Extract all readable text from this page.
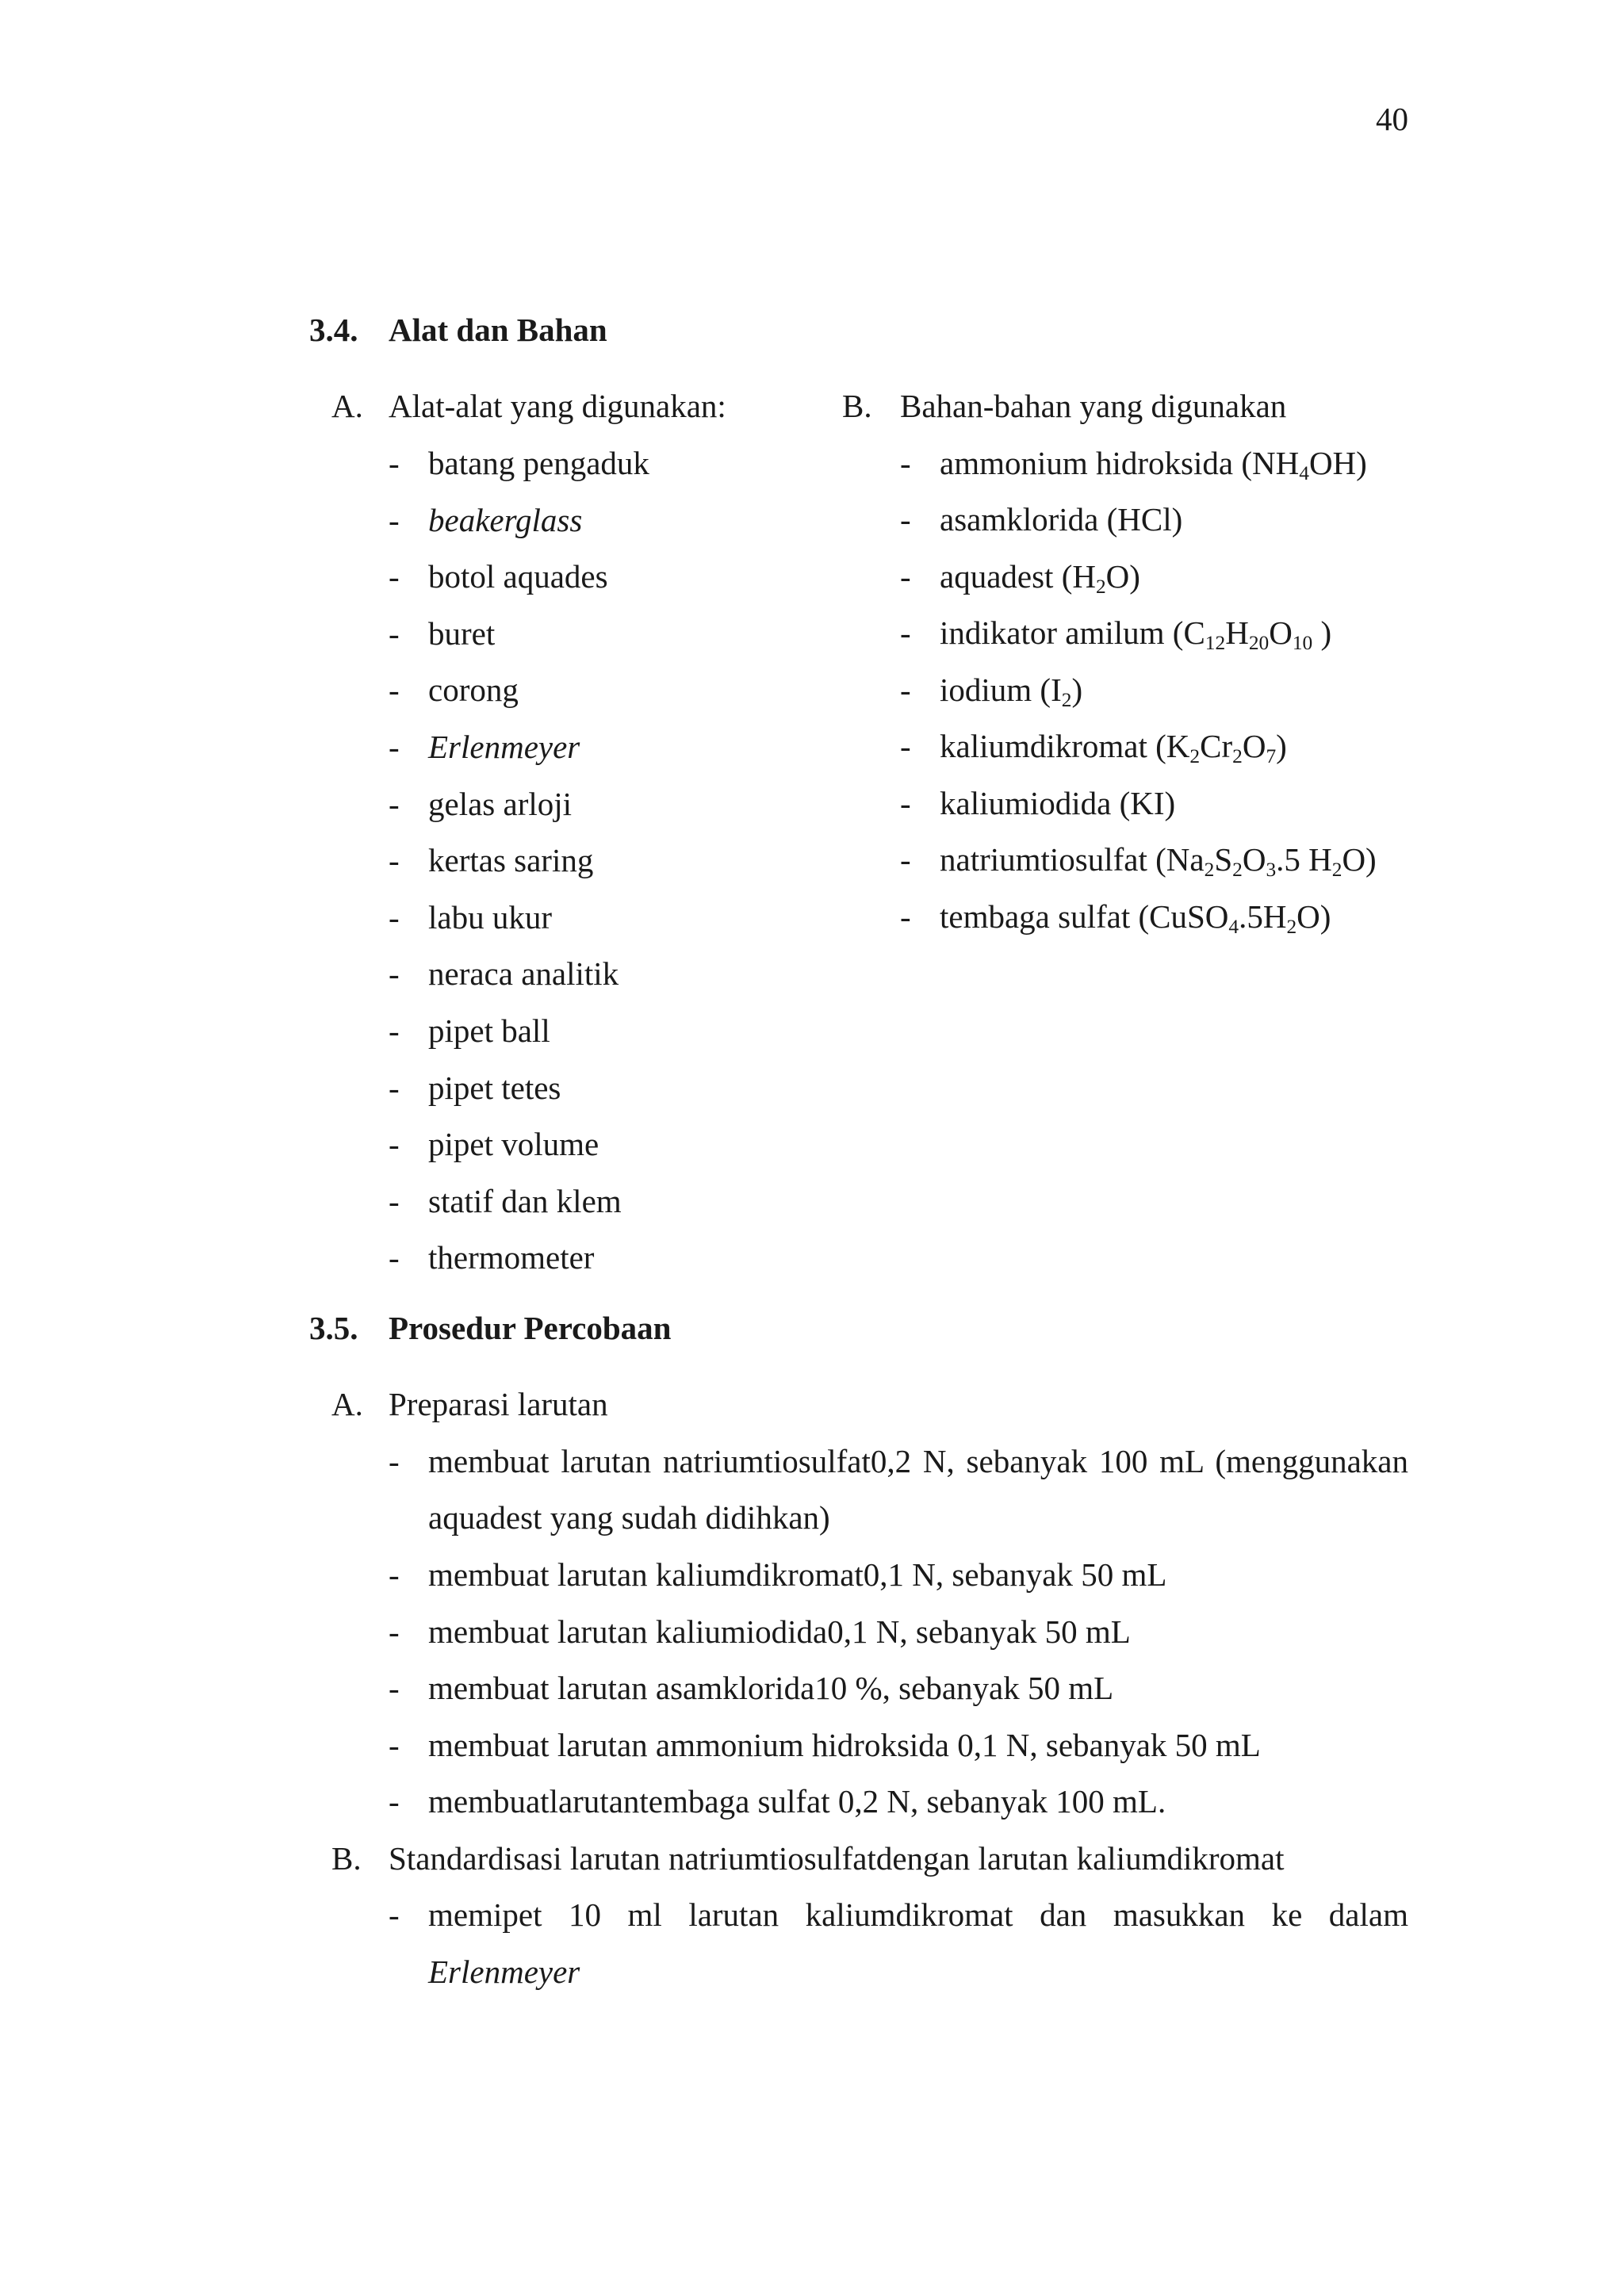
40
3.4. Alat dan Bahan
A. Alat-alat yang digunakan:
- batang pengaduk
- beakerglass
- botol aquades
- buret
- corong
- Erlenmeyer
- gelas arloji
- kertas saring
- labu ukur
- neraca analitik
- pipet ball
- pipet tetes
- pipet volume
- statif dan klem
- thermometer
B. Bahan-bahan yang digunakan
- ammonium hidroksida $(NH_4OH)$
- asamklorida (HCl)
- aquadest $(H_2O)$
- indikator amilum ($C_{12}H_{20}O_{10}$ )
- iodium $(I_2)$
- kaliumdikromat $(K_2Cr_2O_7)$
- kaliumiodida (KI)
- natriumtiosulfat ($Na_2S_2O_3.5$ $H_2O$)
- tembaga sulfat $(CuSO_4.5H_2O)$
3.5. Prosedur Percobaan
A. Preparasi larutan
- membuat larutan natriumtiosulfat0,2 N, sebanyak 100 mL (menggunakan
aquadest yang sudah didihkan)
- membuat larutan kaliumdikromat0,1 N, sebanyak 50 mL
- membuat larutan kaliumiodida0,1 N, sebanyak 50 mL
- membuat larutan asamklorida10 %, sebanyak 50 mL
- membuat larutan ammonium hidroksida 0,1 N, sebanyak 50 mL
- membuatlarutantembaga sulfat 0,2 N, sebanyak 100 mL.
B. Standardisasi larutan natriumtiosulfatdengan larutan kaliumdikromat
- memipet 10 ml larutan kaliumdikromat dan masukkan ke dalam
Erlenmeyer
